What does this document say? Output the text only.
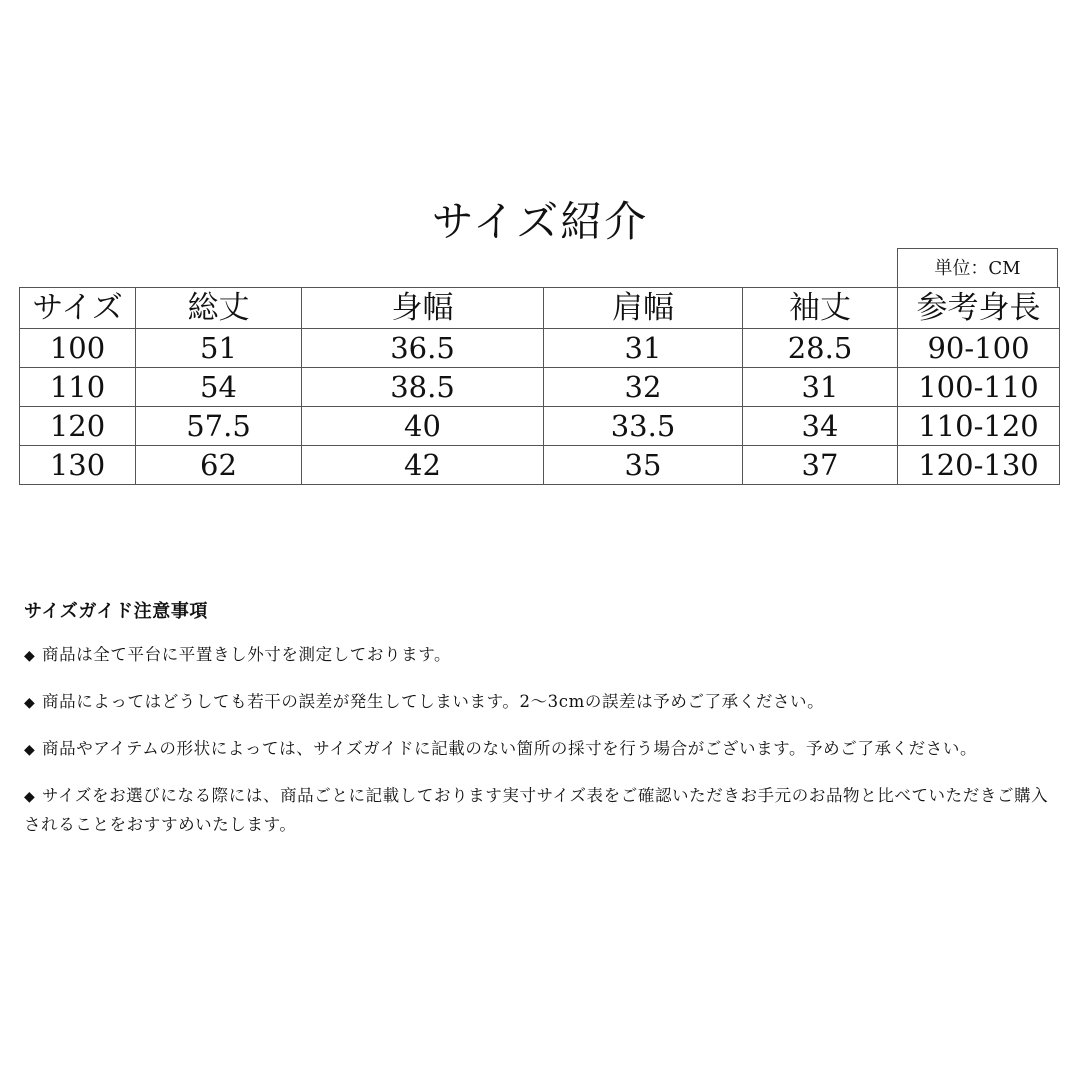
サイズ紹介
単位：CM
サイズ	総丈	身幅	肩幅	袖丈	参考身長
100	51	36.5	31	28.5	90-100
110	54	38.5	32	31	100-110
120	57.5	40	33.5	34	110-120
130	62	42	35	37	120-130
サイズガイド注意事項
◆ 商品は全て平台に平置きし外寸を測定しております。
◆ 商品によってはどうしても若干の誤差が発生してしまいます。2～3cmの誤差は予めご了承ください。
◆ 商品やアイテムの形状によっては、サイズガイドに記載のない箇所の採寸を行う場合がございます。予めご了承ください。
◆ サイズをお選びになる際には、商品ごとに記載しております実寸サイズ表をご確認いただきお手元のお品物と比べていただきご購入されることをおすすめいたします。
